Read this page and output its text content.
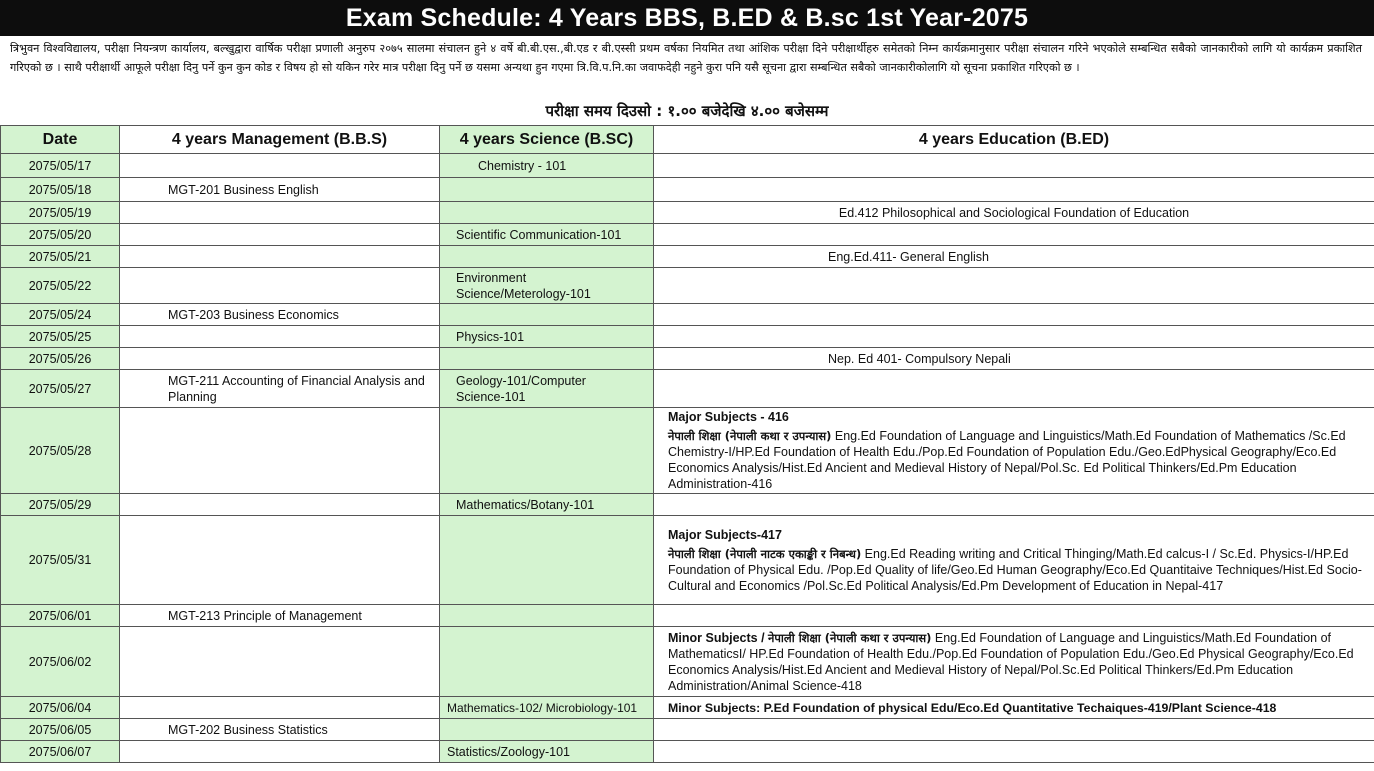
Exam Schedule: 4 Years BBS, B.ED & B.sc 1st Year-2075
त्रिभुवन विश्वविद्यालय, परीक्षा नियन्त्रण कार्यालय, बल्खुद्वारा वार्षिक परीक्षा प्रणाली अनुरुप २०७५ सालमा संचालन हुने ४ वर्षे बी.बी.एस.,बी.एड र बी.एस्सी प्रथम वर्षका नियमित तथा आंशिक परीक्षा दिने परीक्षार्थीहरु समेतको निम्न कार्यक्रमानुसार परीक्षा संचालन गरिने भएकोले सम्बन्धित सबैको जानकारीको लागि यो कार्यक्रम प्रकाशित गरिएको छ । साथै परीक्षार्थी आफूले परीक्षा दिनु पर्ने कुन कुन कोड र विषय हो सो यकिन गरेर मात्र परीक्षा दिनु पर्ने छ यसमा अन्यथा हुन गएमा त्रि.वि.प.नि.का जवाफदेही नहुने कुरा पनि यसै सूचना द्वारा सम्बन्धित सबैको जानकारीकोलागि यो सूचना प्रकाशित गरिएको छ ।
परीक्षा समय दिउसो : १.०० बजेदेखि ४.०० बजेसम्म
Date	4 years Management (B.B.S)	4 years Science (B.SC)	4 years Education (B.ED)
2075/05/17		Chemistry - 101	
2075/05/18	MGT-201 Business English		
2075/05/19			Ed.412 Philosophical and Sociological Foundation of Education
2075/05/20		Scientific Communication-101	
2075/05/21			Eng.Ed.411- General English
2075/05/22		Environment Science/Meterology-101	
2075/05/24	MGT-203 Business Economics		
2075/05/25		Physics-101	
2075/05/26			Nep. Ed 401- Compulsory Nepali
2075/05/27	MGT-211 Accounting of Financial Analysis and Planning	Geology-101/Computer Science-101	
2075/05/28			Major Subjects - 416
नेपाली शिक्षा (नेपाली कथा र उपन्यास) Eng.Ed Foundation of Language and Linguistics/Math.Ed Foundation of Mathematics /Sc.Ed Chemistry-I/HP.Ed Foundation of Health Edu./Pop.Ed Foundation of Population Edu./Geo.EdPhysical Geography/Eco.Ed Economics Analysis/Hist.Ed Ancient and Medieval History of Nepal/Pol.Sc. Ed Political Thinkers/Ed.Pm Education Administration-416
2075/05/29		Mathematics/Botany-101	
2075/05/31			Major Subjects-417
नेपाली शिक्षा (नेपाली नाटक एकाङ्की र निबन्ध) Eng.Ed Reading writing and Critical Thinging/Math.Ed calcus-I / Sc.Ed. Physics-I/HP.Ed Foundation of Physical Edu. /Pop.Ed Quality of life/Geo.Ed Human Geography/Eco.Ed Quantitaive Techniques/Hist.Ed Socio-Cultural and Economics /Pol.Sc.Ed Political Analysis/Ed.Pm Development of Education in Nepal-417
2075/06/01	MGT-213 Principle of Management		
2075/06/02			Minor Subjects / नेपाली शिक्षा (नेपाली कथा र उपन्यास) Eng.Ed Foundation of Language and Linguistics/Math.Ed Foundation of MathematicsI/ HP.Ed Foundation of Health Edu./Pop.Ed Foundation of Population Edu./Geo.Ed Physical Geography/Eco.Ed Economics Analysis/Hist.Ed Ancient and Medieval History of Nepal/Pol.Sc.Ed Political Thinkers/Ed.Pm Education Administration/Animal Science-418
2075/06/04		Mathematics-102/ Microbiology-101	Minor Subjects: P.Ed Foundation of physical Edu/Eco.Ed Quantitative Techaiques-419/Plant Science-418
2075/06/05	MGT-202 Business Statistics		
2075/06/07		Statistics/Zoology-101	
